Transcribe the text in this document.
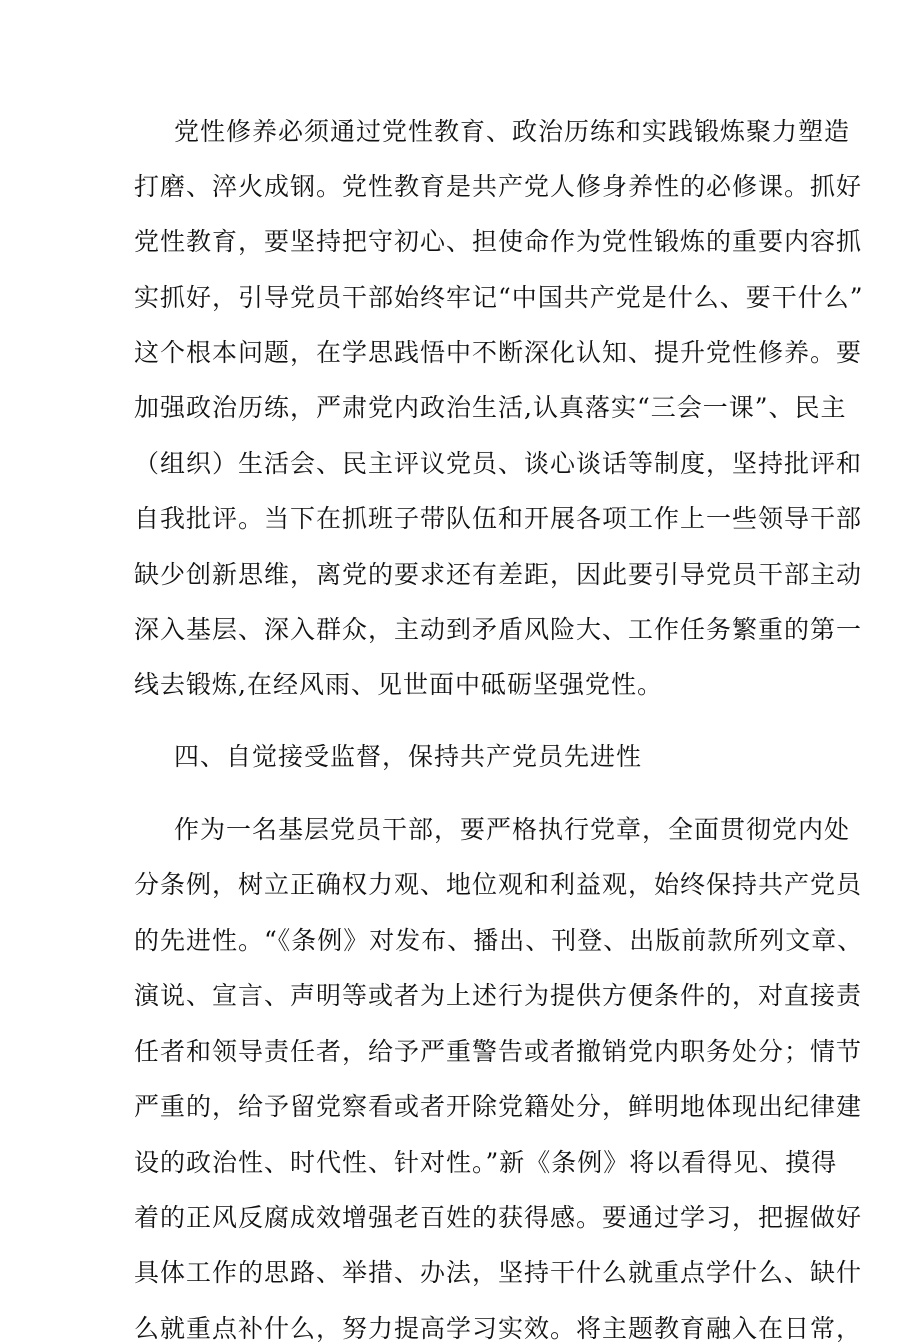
党性修养必须通过党性教育、政治历练和实践锻炼聚力塑造
打磨、淬火成钢。党性教育是共产党人修身养性的必修课。抓好
党性教育，要坚持把守初心、担使命作为党性锻炼的重要内容抓
实抓好，引导党员干部始终牢记“中国共产党是什么、要干什么”
这个根本问题，在学思践悟中不断深化认知、提升党性修养。要
加强政治历练，严肃党内政治生活,认真落实“三会一课”、民主
（组织）生活会、民主评议党员、谈心谈话等制度，坚持批评和
自我批评。当下在抓班子带队伍和开展各项工作上一些领导干部
缺少创新思维，离党的要求还有差距，因此要引导党员干部主动
深入基层、深入群众，主动到矛盾风险大、工作任务繁重的第一
线去锻炼,在经风雨、见世面中砥砺坚强党性。
四、自觉接受监督，保持共产党员先进性
作为一名基层党员干部，要严格执行党章，全面贯彻党内处
分条例，树立正确权力观、地位观和利益观，始终保持共产党员
的先进性。“《条例》对发布、播出、刊登、出版前款所列文章、
演说、宣言、声明等或者为上述行为提供方便条件的，对直接责
任者和领导责任者，给予严重警告或者撤销党内职务处分；情节
严重的，给予留党察看或者开除党籍处分，鲜明地体现出纪律建
设的政治性、时代性、针对性。”新《条例》将以看得见、摸得
着的正风反腐成效增强老百姓的获得感。要通过学习，把握做好
具体工作的思路、举措、办法，坚持干什么就重点学什么、缺什
么就重点补什么，努力提高学习实效。将主题教育融入在日常，
